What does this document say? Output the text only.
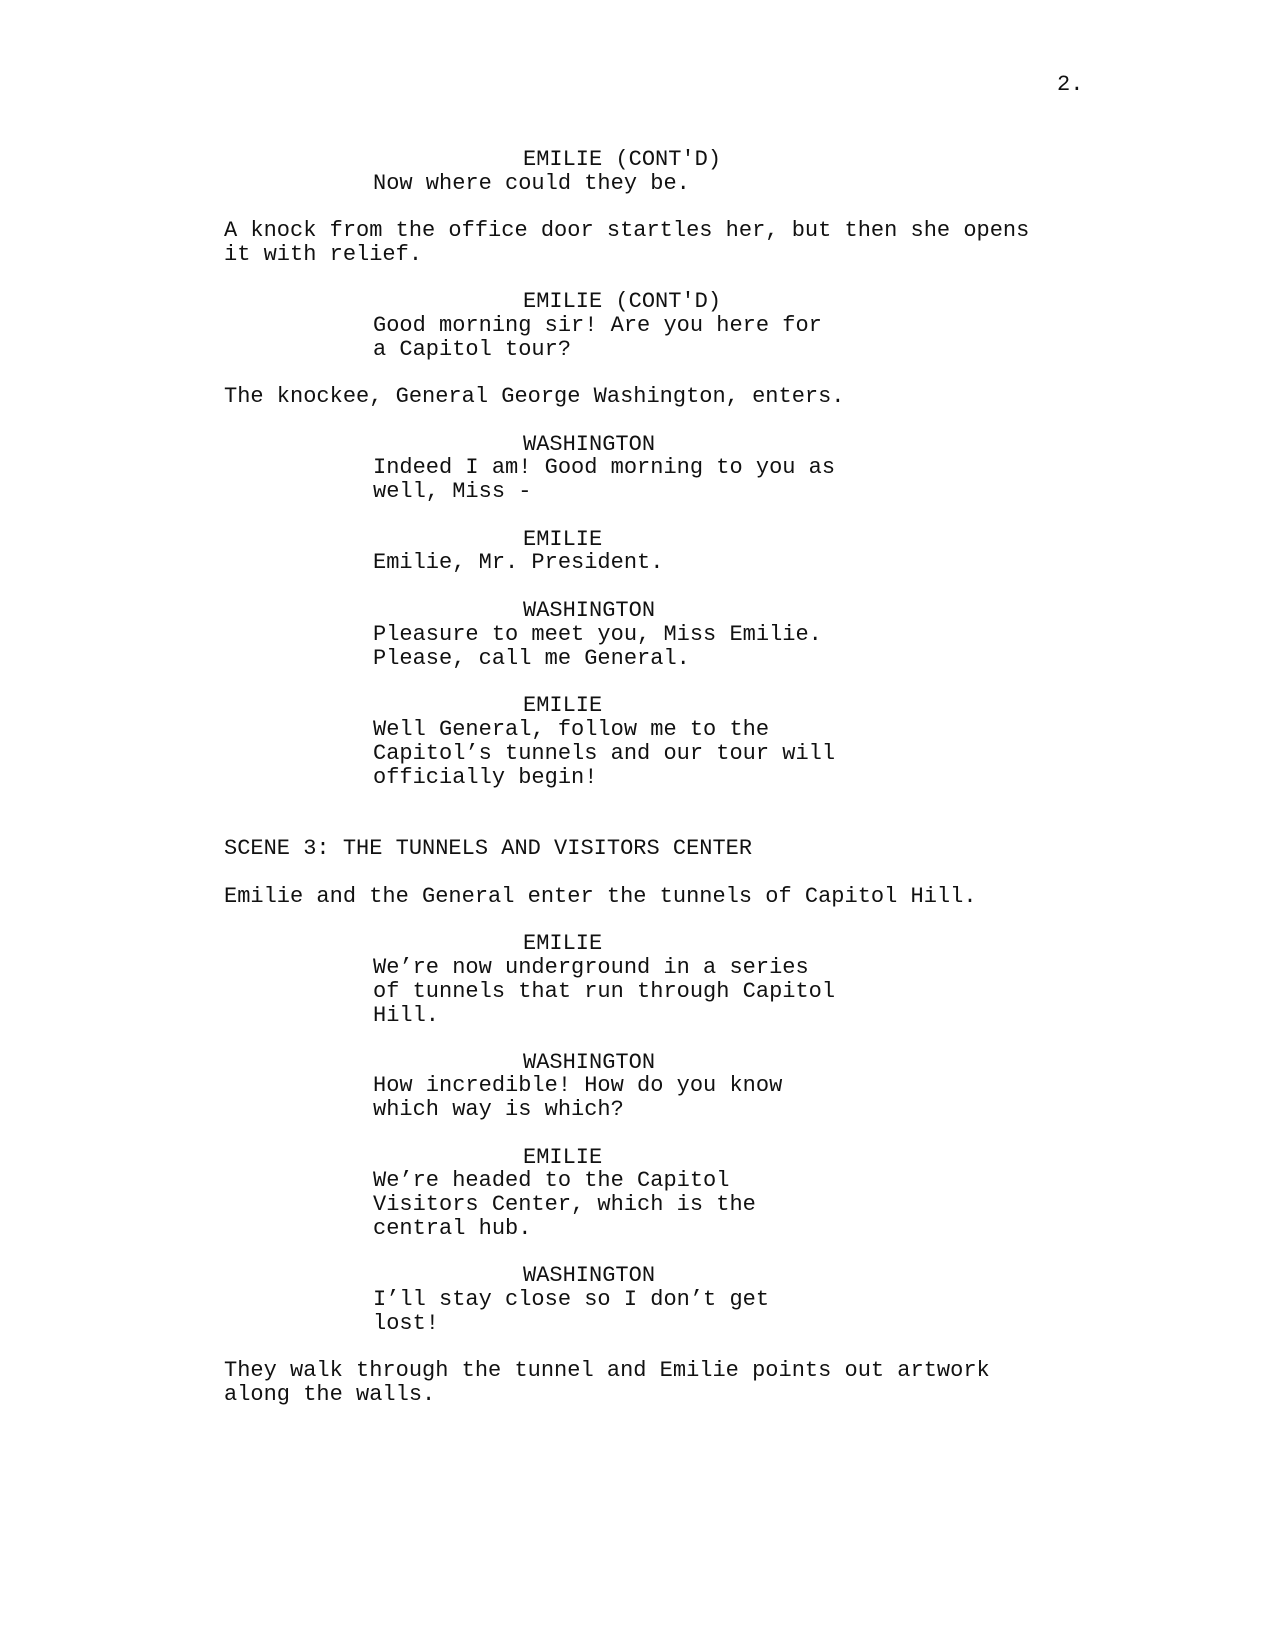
2.
EMILIE (CONT'D)
Now where could they be.
A knock from the office door startles her, but then she opens
it with relief.
EMILIE (CONT'D)
Good morning sir! Are you here for
a Capitol tour?
The knockee, General George Washington, enters.
WASHINGTON
Indeed I am! Good morning to you as
well, Miss -
EMILIE
Emilie, Mr. President.
WASHINGTON
Pleasure to meet you, Miss Emilie.
Please, call me General.
EMILIE
Well General, follow me to the
Capitol’s tunnels and our tour will
officially begin!
SCENE 3: THE TUNNELS AND VISITORS CENTER
Emilie and the General enter the tunnels of Capitol Hill.
EMILIE
We’re now underground in a series
of tunnels that run through Capitol
Hill.
WASHINGTON
How incredible! How do you know
which way is which?
EMILIE
We’re headed to the Capitol
Visitors Center, which is the
central hub.
WASHINGTON
I’ll stay close so I don’t get
lost!
They walk through the tunnel and Emilie points out artwork
along the walls.
